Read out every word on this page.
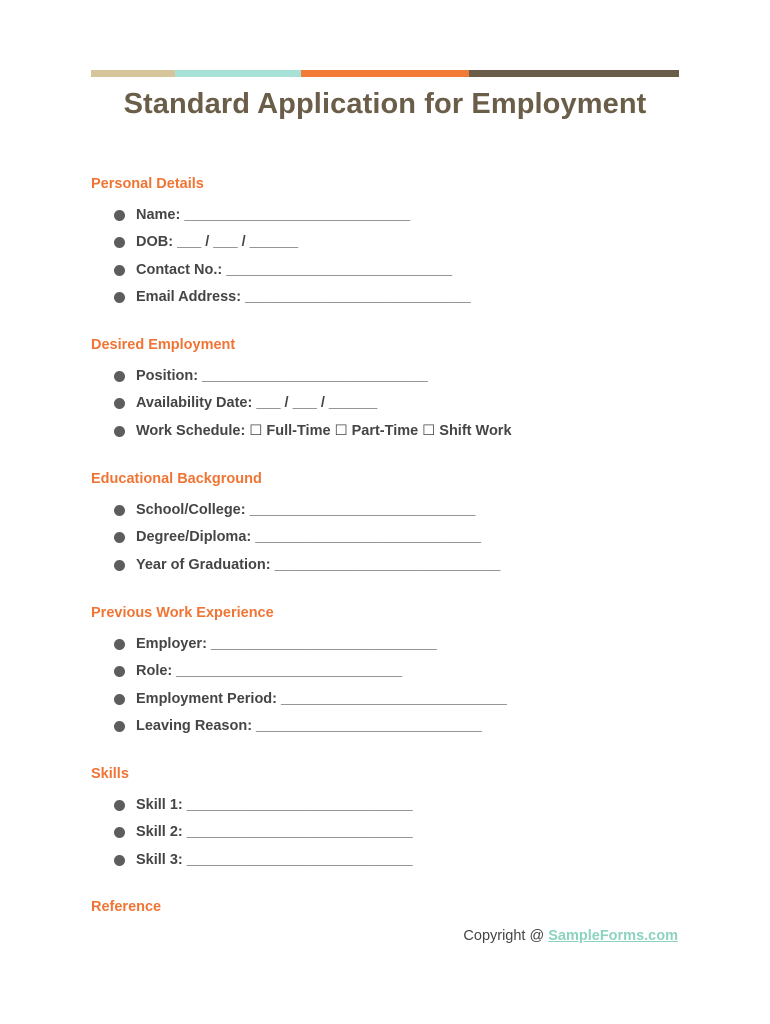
Standard Application for Employment

Personal Details

Name: ____________________________
DOB: ___ / ___ / ______
Contact No.: ____________________________
Email Address: ____________________________

Desired Employment

Position: ____________________________
Availability Date: ___ / ___ / ______
Work Schedule: ☐ Full-Time ☐ Part-Time ☐ Shift Work

Educational Background

School/College: ____________________________
Degree/Diploma: ____________________________
Year of Graduation: ____________________________

Previous Work Experience

Employer: ____________________________
Role: ____________________________
Employment Period: ____________________________
Leaving Reason: ____________________________

Skills

Skill 1: ____________________________
Skill 2: ____________________________
Skill 3: ____________________________

Reference

Copyright @ SampleForms.com
